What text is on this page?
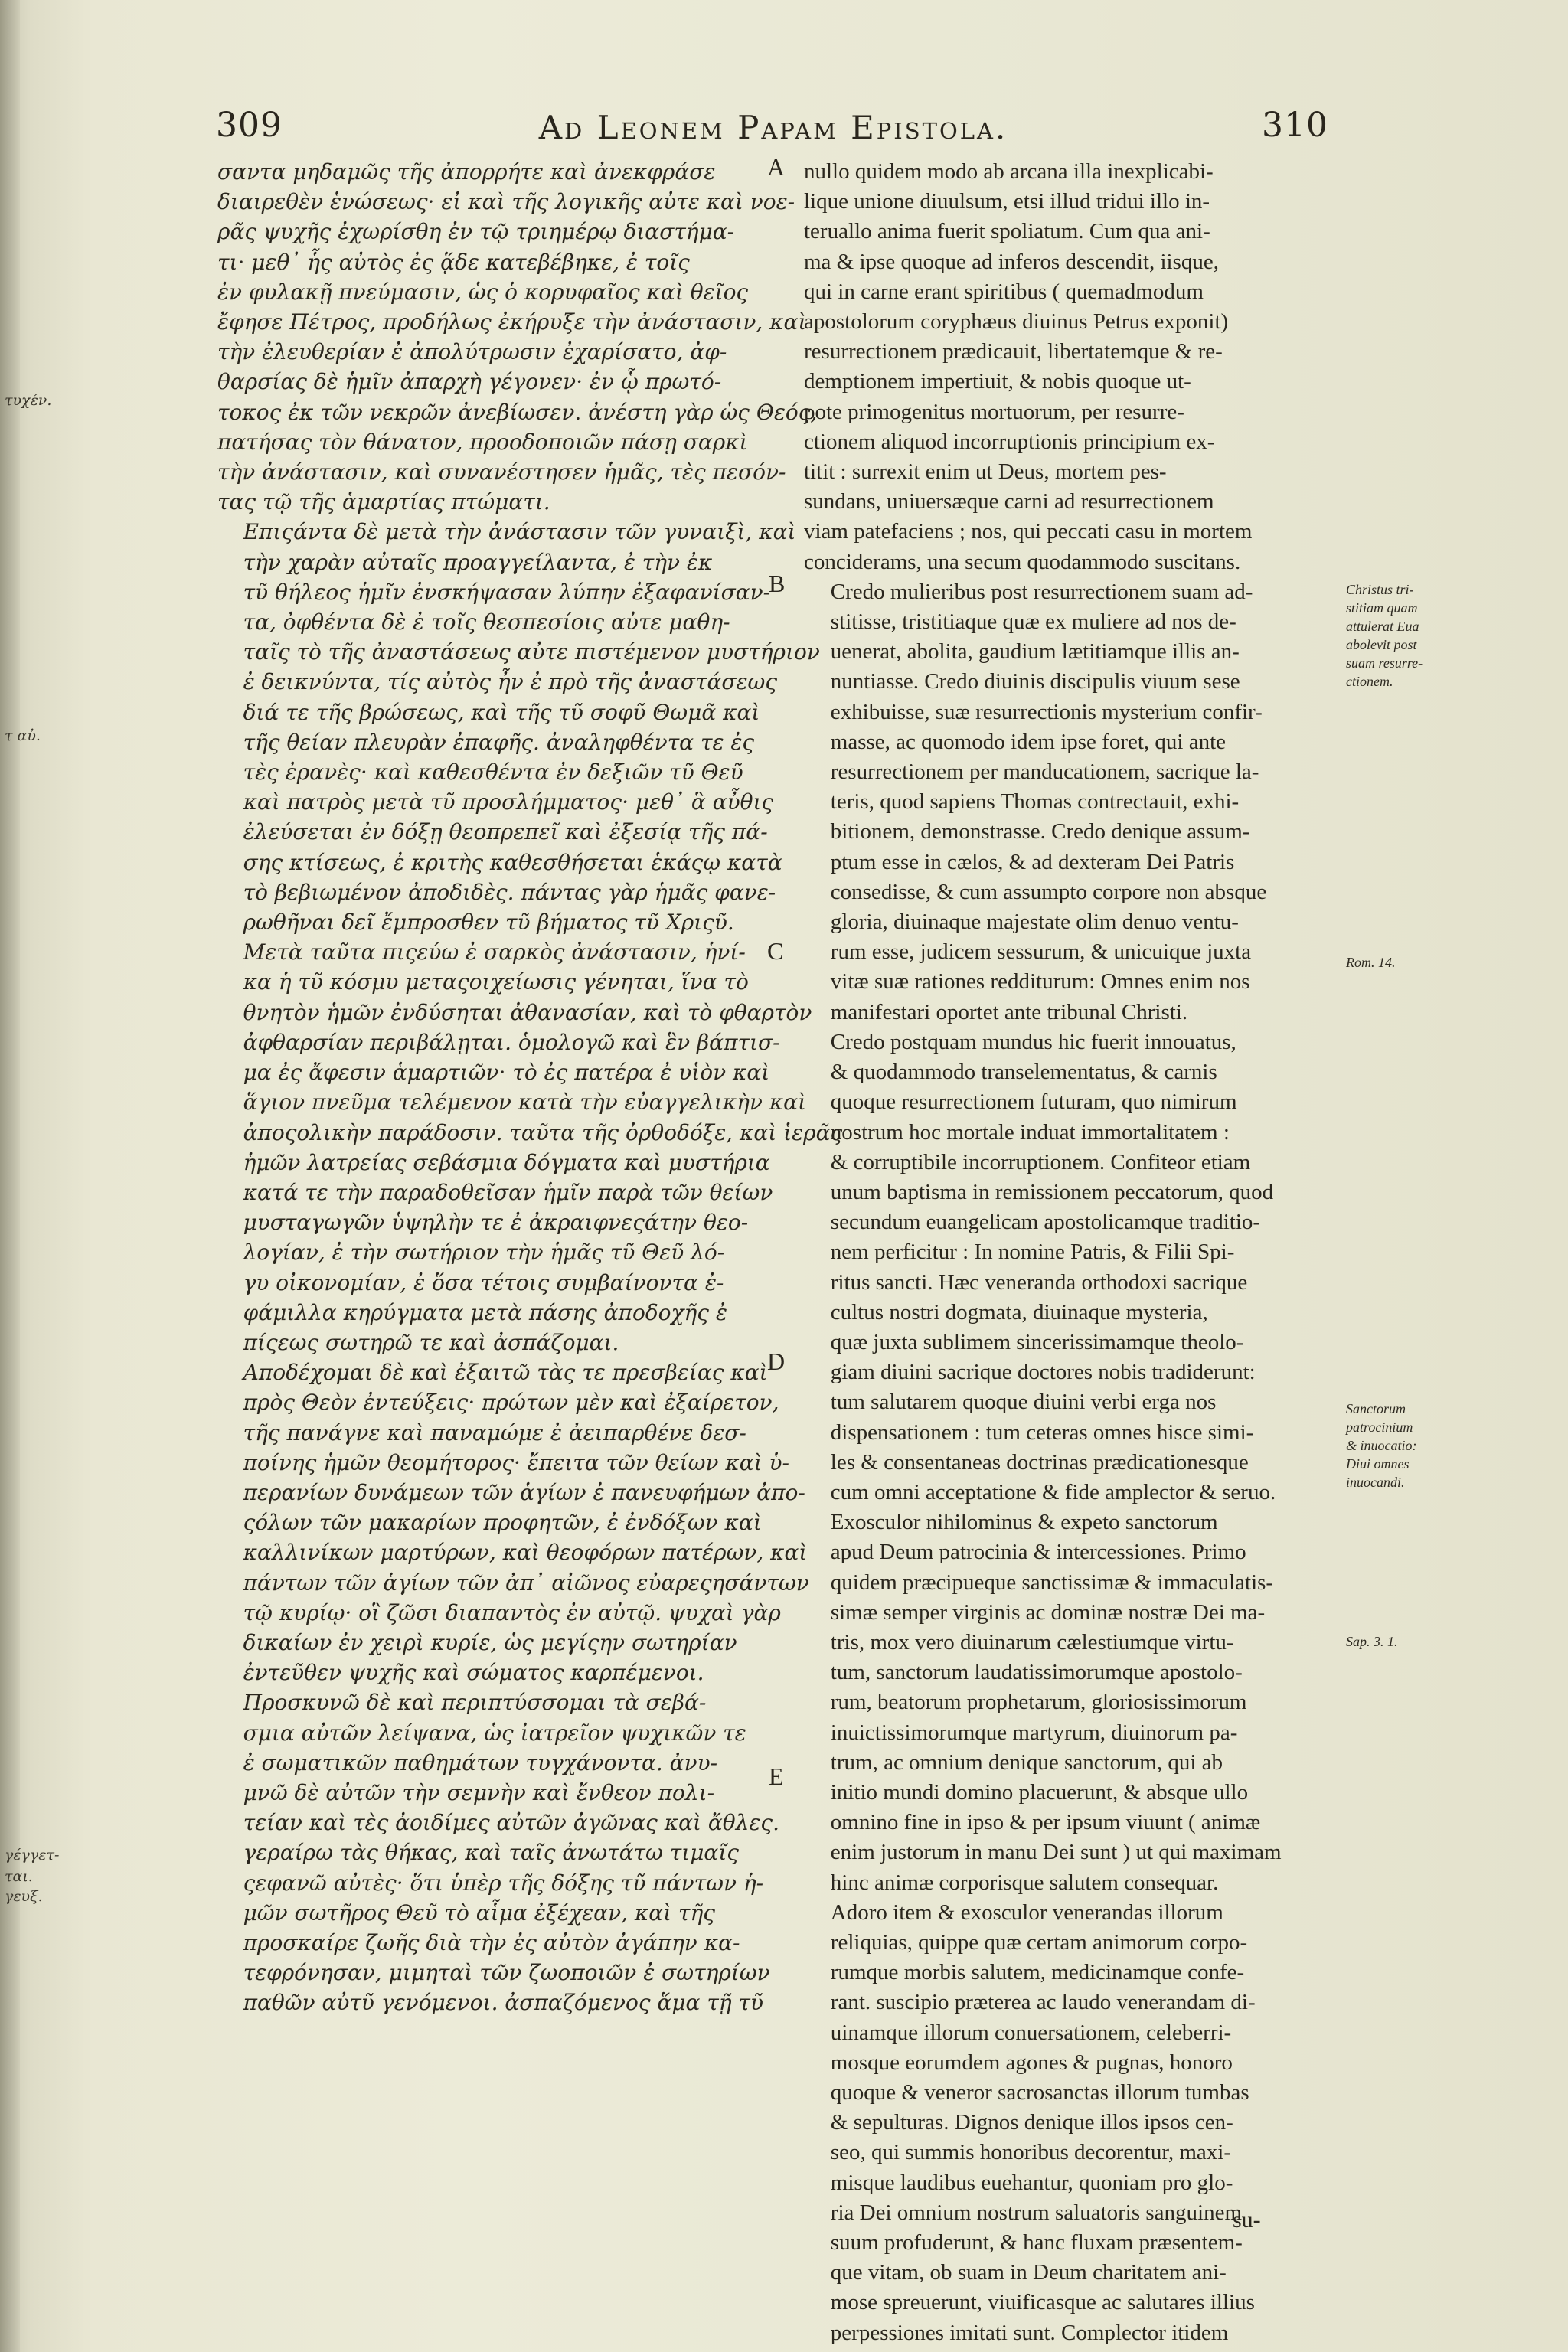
309	Ad Leonem Papam Epistola.	310
τυχέν.
τ αὐ.
γέγγετ-
ται.
γευξ.

σαντα μηδαμῶς τῆς ἀπορρήτε καὶ ἀνεκφράσε
διαιρεθὲν ἑνώσεως· εἰ καὶ τῆς λογικῆς αὐτε καὶ νοε-
ρᾶς ψυχῆς ἐχωρίσθη ἐν τῷ τριημέρῳ διαστήμα-
τι· μεθ᾽ ἧς αὐτὸς ἐς ᾅδε κατεβέβηκε, ἐ τοῖς
ἐν φυλακῇ πνεύμασιν, ὡς ὁ κορυφαῖος καὶ θεῖος
ἔφησε Πέτρος, προδήλως ἐκήρυξε τὴν ἀνάστασιν, καὶ
τὴν ἐλευθερίαν ἐ ἀπολύτρωσιν ἐχαρίσατο, ἀφ-
θαρσίας δὲ ἡμῖν ἀπαρχὴ γέγονεν· ἐν ᾧ πρωτό-
τοκος ἐκ τῶν νεκρῶν ἀνεβίωσεν. ἀνέστη γὰρ ὡς Θεός,
πατήσας τὸν θάνατον, προοδοποιῶν πάσῃ σαρκὶ
τὴν ἀνάστασιν, καὶ συνανέστησεν ἡμᾶς, τὲς πεσόν-
τας τῷ τῆς ἁμαρτίας πτώματι.

Επιςάντα δὲ μετὰ τὴν ἀνάστασιν τῶν γυναιξὶ, καὶ
τὴν χαρὰν αὐταῖς προαγγείλαντα, ἐ τὴν ἐκ
τῦ θήλεος ἡμῖν ἐνσκήψασαν λύπην ἐξαφανίσαν-
τα, ὀφθέντα δὲ ἐ τοῖς θεσπεσίοις αὐτε μαθη-
ταῖς τὸ τῆς ἀναστάσεως αὐτε πιστέμενον μυστήριον
ἐ δεικνύντα, τίς αὐτὸς ἦν ἐ πρὸ τῆς ἀναστάσεως
διά τε τῆς βρώσεως, καὶ τῆς τῦ σοφῦ Θωμᾶ καὶ
τῆς θείαν πλευρὰν ἐπαφῆς. ἀναληφθέντα τε ἐς
τὲς ἐρανὲς· καὶ καθεσθέντα ἐν δεξιῶν τῦ Θεῦ
καὶ πατρὸς μετὰ τῦ προσλήμματος· μεθ᾽ ἃ αὖθις
ἐλεύσεται ἐν δόξῃ θεοπρεπεῖ καὶ ἐξεσίᾳ τῆς πά-
σης κτίσεως, ἐ κριτὴς καθεσθήσεται ἑκάςῳ κατὰ
τὸ βεβιωμένον ἀποδιδὲς. πάντας γὰρ ἡμᾶς φανε-
ρωθῆναι δεῖ ἔμπροσθεν τῦ βήματος τῦ Χριςῦ.

Μετὰ ταῦτα πιςεύω ἐ σαρκὸς ἀνάστασιν, ἡνί-
κα ἡ τῦ κόσμυ μεταςοιχείωσις γένηται, ἵνα τὸ
θνητὸν ἡμῶν ἐνδύσηται ἀθανασίαν, καὶ τὸ φθαρτὸν
ἀφθαρσίαν περιβάλῃται. ὁμολογῶ καὶ ἓν βάπτισ-
μα ἐς ἄφεσιν ἁμαρτιῶν· τὸ ἐς πατέρα ἐ υἱὸν καὶ
ἅγιον πνεῦμα τελέμενον κατὰ τὴν εὐαγγελικὴν καὶ
ἀποςολικὴν παράδοσιν. ταῦτα τῆς ὀρθοδόξε, καὶ ἱερᾶς
ἡμῶν λατρείας σεβάσμια δόγματα καὶ μυστήρια
κατά τε τὴν παραδοθεῖσαν ἡμῖν παρὰ τῶν θείων
μυσταγωγῶν ὑψηλὴν τε ἐ ἀκραιφνεςάτην θεο-
λογίαν, ἐ τὴν σωτήριον τὴν ἡμᾶς τῦ Θεῦ λό-
γυ οἰκονομίαν, ἐ ὅσα τέτοις συμβαίνοντα ἐ-
φάμιλλα κηρύγματα μετὰ πάσης ἀποδοχῆς ἐ
πίςεως σωτηρῶ τε καὶ ἀσπάζομαι.

Αποδέχομαι δὲ καὶ ἐξαιτῶ τὰς τε πρεσβείας καὶ
πρὸς Θεὸν ἐντεύξεις· πρώτων μὲν καὶ ἐξαίρετον,
τῆς πανάγνε καὶ παναμώμε ἐ ἀειπαρθένε δεσ-
ποίνης ἡμῶν θεομήτορος· ἔπειτα τῶν θείων καὶ ὑ-
περανίων δυνάμεων τῶν ἁγίων ἐ πανευφήμων ἀπο-
ςόλων τῶν μακαρίων προφητῶν, ἐ ἐνδόξων καὶ
καλλινίκων μαρτύρων, καὶ θεοφόρων πατέρων, καὶ
πάντων τῶν ἁγίων τῶν ἀπ᾽ αἰῶνος εὐαρεςησάντων
τῷ κυρίῳ· οἳ ζῶσι διαπαντὸς ἐν αὐτῷ. ψυχαὶ γὰρ
δικαίων ἐν χειρὶ κυρίε, ὡς μεγίςην σωτηρίαν
ἐντεῦθεν ψυχῆς καὶ σώματος καρπέμενοι.

Προσκυνῶ δὲ καὶ περιπτύσσομαι τὰ σεβά-
σμια αὐτῶν λείψανα, ὡς ἰατρεῖον ψυχικῶν τε
ἐ σωματικῶν παθημάτων τυγχάνοντα. ἀνυ-
μνῶ δὲ αὐτῶν τὴν σεμνὴν καὶ ἔνθεον πολι-
τείαν καὶ τὲς ἀοιδίμες αὐτῶν ἀγῶνας καὶ ἄθλες.
γεραίρω τὰς θήκας, καὶ ταῖς ἀνωτάτω τιμαῖς
ςεφανῶ αὐτὲς· ὅτι ὑπὲρ τῆς δόξης τῦ πάντων ἡ-
μῶν σωτῆρος Θεῦ τὸ αἷμα ἐξέχεαν, καὶ τῆς
προσκαίρε ζωῆς διὰ τὴν ἐς αὐτὸν ἀγάπην κα-
τεφρόνησαν, μιμηταὶ τῶν ζωοποιῶν ἐ σωτηρίων
παθῶν αὐτῦ γενόμενοι. ἀσπαζόμενος ἅμα τῇ τῦ

A
B
C
D
E

nullo quidem modo ab arcana illa inexplicabi-
lique unione diuulsum, etsi illud tridui illo in-
teruallo anima fuerit spoliatum. Cum qua ani-
ma & ipse quoque ad inferos descendit, iisque,
qui in carne erant spiritibus ( quemadmodum
apostolorum coryphæus diuinus Petrus exponit)
resurrectionem prædicauit, libertatemque & re-
demptionem impertiuit, & nobis quoque ut-
pote primogenitus mortuorum, per resurre-
ctionem aliquod incorruptionis principium ex-
titit : surrexit enim ut Deus, mortem pes-
sundans, uniuersæque carni ad resurrectionem
viam patefaciens ; nos, qui peccati casu in mortem
conciderams, una secum quodammodo suscitans.

Credo mulieribus post resurrectionem suam ad-
stitisse, tristitiaque quæ ex muliere ad nos de-
uenerat, abolita, gaudium lætitiamque illis an-
nuntiasse. Credo diuinis discipulis viuum sese
exhibuisse, suæ resurrectionis mysterium confir-
masse, ac quomodo idem ipse foret, qui ante
resurrectionem per manducationem, sacrique la-
teris, quod sapiens Thomas contrectauit, exhi-
bitionem, demonstrasse. Credo denique assum-
ptum esse in cælos, & ad dexteram Dei Patris
consedisse, & cum assumpto corpore non absque
gloria, diuinaque majestate olim denuo ventu-
rum esse, judicem sessurum, & unicuique juxta
vitæ suæ rationes redditurum: Omnes enim nos
manifestari oportet ante tribunal Christi.

Credo postquam mundus hic fuerit innouatus,
& quodammodo transelementatus, & carnis
quoque resurrectionem futuram, quo nimirum
nostrum hoc mortale induat immortalitatem :
& corruptibile incorruptionem. Confiteor etiam
unum baptisma in remissionem peccatorum, quod
secundum euangelicam apostolicamque traditio-
nem perficitur : In nomine Patris, & Filii Spi-
ritus sancti. Hæc veneranda orthodoxi sacrique
cultus nostri dogmata, diuinaque mysteria,
quæ juxta sublimem sincerissimamque theolo-
giam diuini sacrique doctores nobis tradiderunt:
tum salutarem quoque diuini verbi erga nos
dispensationem : tum ceteras omnes hisce simi-
les & consentaneas doctrinas prædicationesque
cum omni acceptatione & fide amplector & seruo.

Exosculor nihilominus & expeto sanctorum
apud Deum patrocinia & intercessiones. Primo
quidem præcipueque sanctissimæ & immaculatis-
simæ semper virginis ac dominæ nostræ Dei ma-
tris, mox vero diuinarum cælestiumque virtu-
tum, sanctorum laudatissimorumque apostolo-
rum, beatorum prophetarum, gloriosissimorum
inuictissimorumque martyrum, diuinorum pa-
trum, ac omnium denique sanctorum, qui ab
initio mundi domino placuerunt, & absque ullo
omnino fine in ipso & per ipsum viuunt ( animæ
enim justorum in manu Dei sunt ) ut qui maximam
hinc animæ corporisque salutem consequar.

Adoro item & exosculor venerandas illorum
reliquias, quippe quæ certam animorum corpo-
rumque morbis salutem, medicinamque confe-
rant. suscipio præterea ac laudo venerandam di-
uinamque illorum conuersationem, celeberri-
mosque eorumdem agones & pugnas, honoro
quoque & veneror sacrosanctas illorum tumbas
& sepulturas. Dignos denique illos ipsos cen-
seo, qui summis honoribus decorentur, maxi-
misque laudibus euehantur, quoniam pro glo-
ria Dei omnium nostrum saluatoris sanguinem
suum profuderunt, & hanc fluxam præsentem-
que vitam, ob suam in Deum charitatem ani-
mose spreuerunt, viuificasque ac salutares illius
perpessiones imitati sunt. Complector itidem

Christus tri-
stitiam quam
attulerat Eua
abolevit post
suam resurre-
ctionem.
Rom. 14.
Sanctorum
patrocinium
& inuocatio:
Diui omnes
inuocandi.
Sap. 3. 1.
su-
